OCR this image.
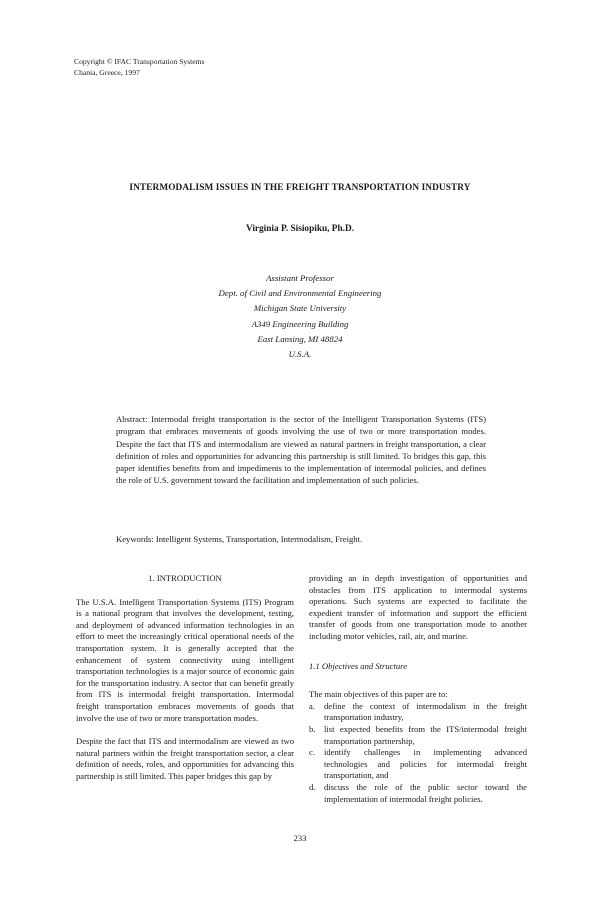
Copyright © IFAC Transportation Systems
Chania, Greece, 1997
INTERMODALISM ISSUES IN THE FREIGHT TRANSPORTATION INDUSTRY
Virginia P. Sisiopiku, Ph.D.
Assistant Professor
Dept. of Civil and Environmental Engineering
Michigan State University
A349 Engineering Building
East Lansing, MI 48824
U.S.A.
Abstract: Intermodal freight transportation is the sector of the Intelligent Transportation Systems (ITS) program that embraces movements of goods involving the use of two or more transportation modes. Despite the fact that ITS and intermodalism are viewed as natural partners in freight transportation, a clear definition of roles and opportunities for advancing this partnership is still limited. To bridges this gap, this paper identifies benefits from and impediments to the implementation of intermodal policies, and defines the role of U.S. government toward the facilitation and implementation of such policies.
Keywords: Intelligent Systems, Transportation, Intermodalism, Freight.
1. INTRODUCTION

The U.S.A. Intelligent Transportation Systems (ITS) Program is a national program that involves the development, testing, and deployment of advanced information technologies in an effort to meet the increasingly critical operational needs of the transportation system. It is generally accepted that the enhancement of system connectivity using intelligent transportation technologies is a major source of economic gain for the transportation industry. A sector that can benefit greatly from ITS is intermodal freight transportation. Intermodal freight transportation embraces movements of goods that involve the use of two or more transportation modes.

Despite the fact that ITS and intermodalism are viewed as two natural partners within the freight transportation sector, a clear definition of needs, roles, and opportunities for advancing this partnership is still limited. This paper bridges this gap by

providing an in depth investigation of opportunities and obstacles from ITS application to intermodal systems operations. Such systems are expected to facilitate the expedient transfer of information and support the efficient transfer of goods from one transportation mode to another including motor vehicles, rail, air, and marine.

1.1 Objectives and Structure

The main objectives of this paper are to:

a. define the context of intermodalism in the freight transportation industry,
b. list expected benefits from the ITS/intermodal freight transportation partnership,
c. identify challenges in implementing advanced technologies and policies for intermodal freight transportation, and
d. discuss the role of the public sector toward the implementation of intermodal freight policies.
233
